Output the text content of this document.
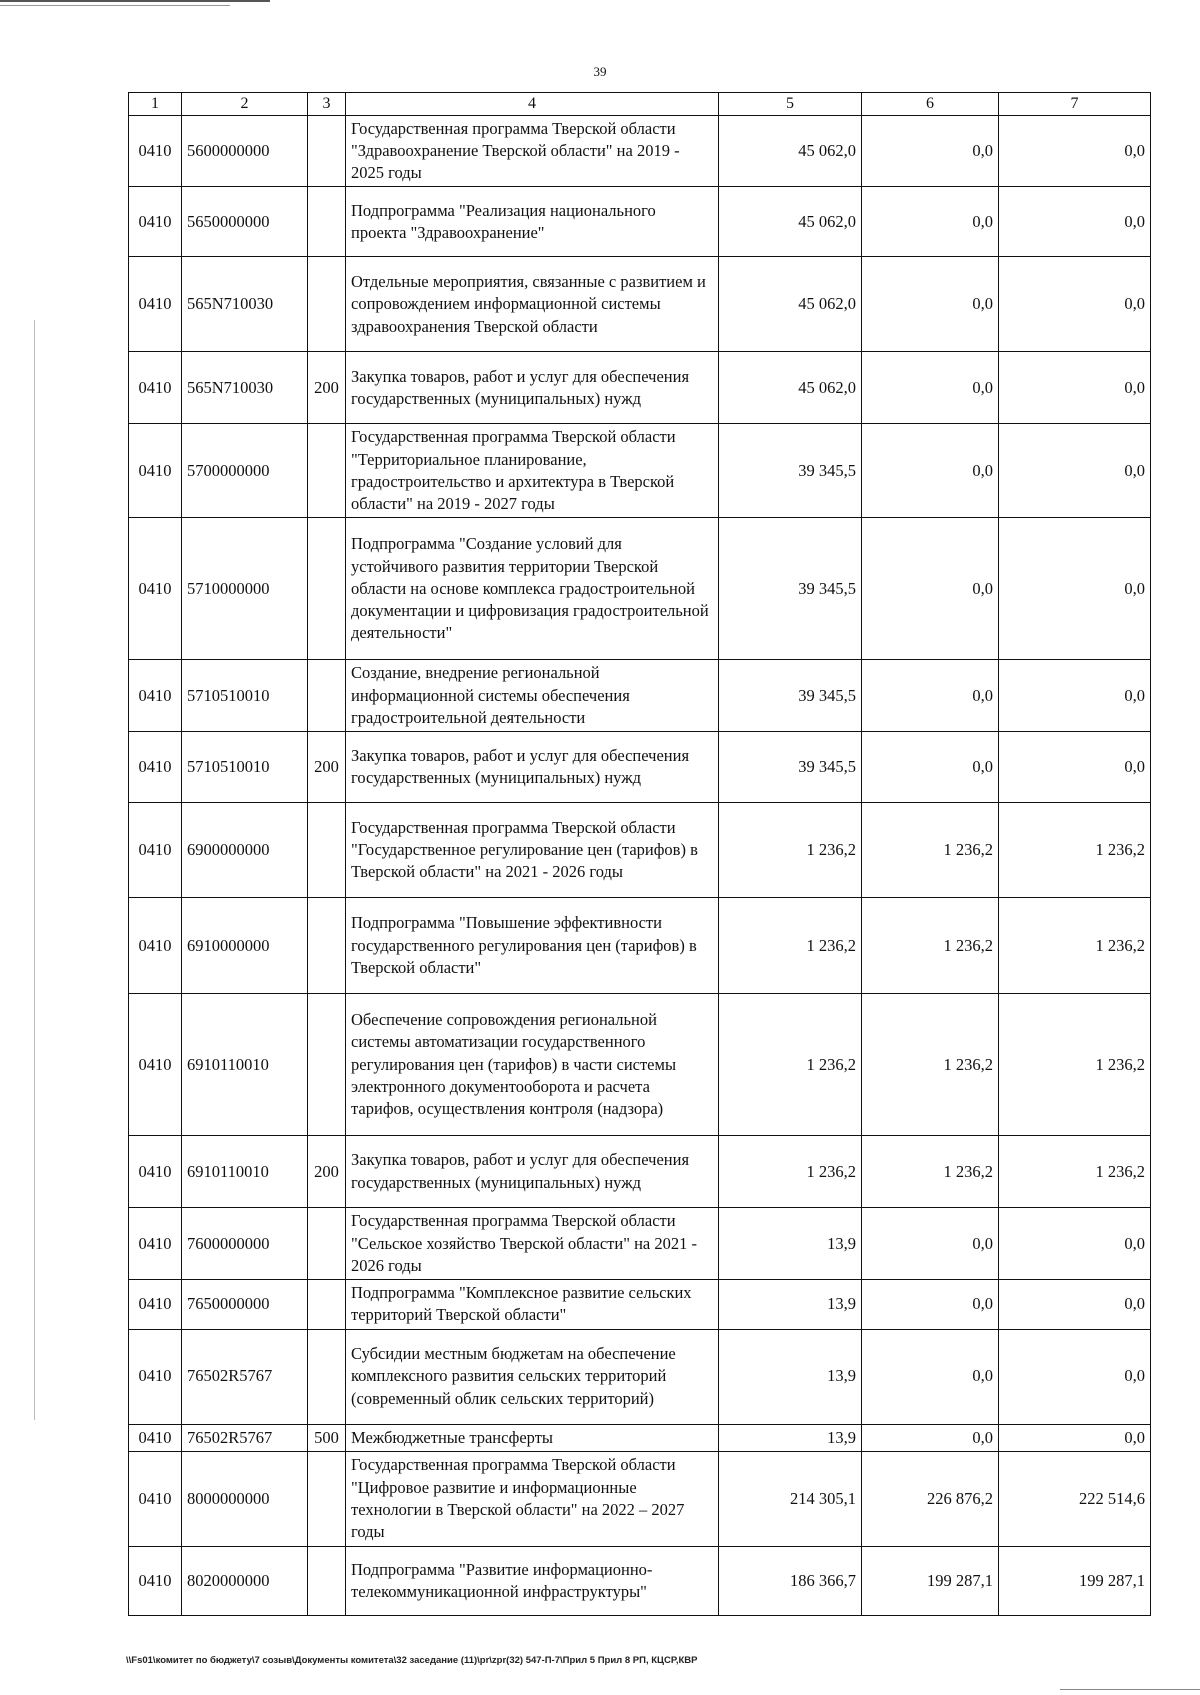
39
1	2	3	4	5	6	7
0410	5600000000		Государственная программа Тверской области "Здравоохранение Тверской области" на 2019 - 2025 годы	45 062,0	0,0	0,0
0410	5650000000		Подпрограмма "Реализация национального проекта "Здравоохранение"	45 062,0	0,0	0,0
0410	565N710030		Отдельные мероприятия, связанные с развитием и сопровождением информационной системы здравоохранения Тверской области	45 062,0	0,0	0,0
0410	565N710030	200	Закупка товаров, работ и услуг для обеспечения государственных (муниципальных) нужд	45 062,0	0,0	0,0
0410	5700000000		Государственная программа Тверской области "Территориальное планирование, градостроительство и архитектура в Тверской области" на 2019 - 2027 годы	39 345,5	0,0	0,0
0410	5710000000		Подпрограмма "Создание условий для устойчивого развития территории Тверской области на основе комплекса градостроительной документации и цифровизация градостроительной деятельности"	39 345,5	0,0	0,0
0410	5710510010		Создание, внедрение региональной информационной системы обеспечения градостроительной деятельности	39 345,5	0,0	0,0
0410	5710510010	200	Закупка товаров, работ и услуг для обеспечения государственных (муниципальных) нужд	39 345,5	0,0	0,0
0410	6900000000		Государственная программа Тверской области "Государственное регулирование цен (тарифов) в Тверской области" на 2021 - 2026 годы	1 236,2	1 236,2	1 236,2
0410	6910000000		Подпрограмма "Повышение эффективности государственного регулирования цен (тарифов) в Тверской области"	1 236,2	1 236,2	1 236,2
0410	6910110010		Обеспечение сопровождения региональной системы автоматизации государственного регулирования цен (тарифов) в части системы электронного документооборота и расчета тарифов, осуществления контроля (надзора)	1 236,2	1 236,2	1 236,2
0410	6910110010	200	Закупка товаров, работ и услуг для обеспечения государственных (муниципальных) нужд	1 236,2	1 236,2	1 236,2
0410	7600000000		Государственная программа Тверской области "Сельское хозяйство Тверской области" на 2021 - 2026 годы	13,9	0,0	0,0
0410	7650000000		Подпрограмма "Комплексное развитие сельских территорий Тверской области"	13,9	0,0	0,0
0410	76502R5767		Субсидии местным бюджетам на обеспечение комплексного развития сельских территорий (современный облик сельских территорий)	13,9	0,0	0,0
0410	76502R5767	500	Межбюджетные трансферты	13,9	0,0	0,0
0410	8000000000		Государственная программа Тверской области "Цифровое развитие и информационные технологии в Тверской области" на 2022 – 2027 годы	214 305,1	226 876,2	222 514,6
0410	8020000000		Подпрограмма "Развитие информационно-телекоммуникационной инфраструктуры"	186 366,7	199 287,1	199 287,1
\\Fs01\комитет по бюджету\7 созыв\Документы комитета\32 заседание (11)\pr\zpr(32) 547-П-7\Прил 5 Прил 8 РП, КЦСР,КВР
